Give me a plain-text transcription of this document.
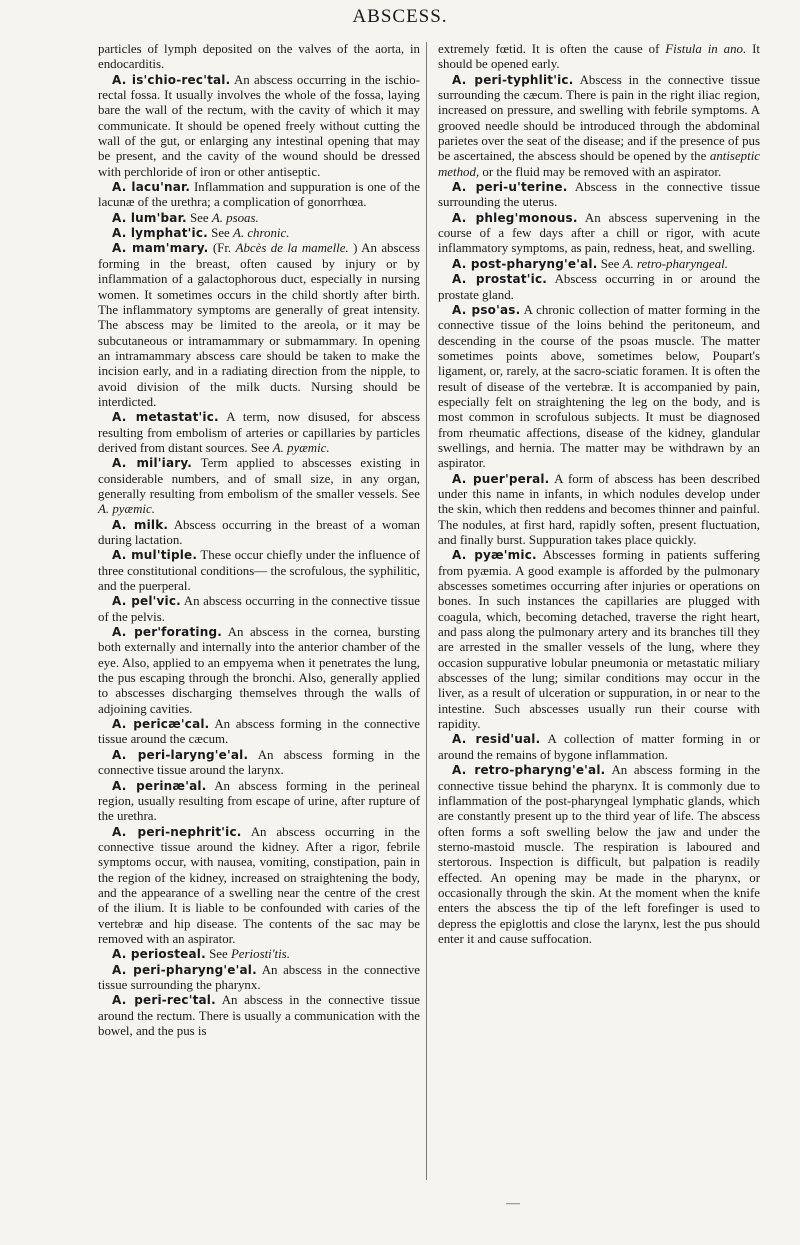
ABSCESS.

particles of lymph deposited on the valves of the aorta, in endocarditis.

A. is'chio-rec'tal. An abscess occurring in the ischio-rectal fossa. It usually involves the whole of the fossa, laying bare the wall of the rectum, with the cavity of which it may communicate. It should be opened freely without cutting the wall of the gut, or enlarging any intestinal opening that may be present, and the cavity of the wound should be dressed with perchloride of iron or other antiseptic.

A. lacu'nar. Inflammation and suppuration is one of the lacunæ of the urethra; a complication of gonorrhœa.

A. lum'bar. See A. psoas.

A. lymphat'ic. See A. chronic.

A. mam'mary. (Fr. Abcès de la mamelle. ) An abscess forming in the breast, often caused by injury or by inflammation of a galactophorous duct, especially in nursing women. It sometimes occurs in the child shortly after birth. The inflammatory symptoms are generally of great intensity. The abscess may be limited to the areola, or it may be subcutaneous or intramammary or submammary. In opening an intramammary abscess care should be taken to make the incision early, and in a radiating direction from the nipple, to avoid division of the milk ducts. Nursing should be interdicted.

A. metastat'ic. A term, now disused, for abscess resulting from embolism of arteries or capillaries by particles derived from distant sources. See A. pyæmic.

A. mil'iary. Term applied to abscesses existing in considerable numbers, and of small size, in any organ, generally resulting from embolism of the smaller vessels. See A. pyæmic.

A. milk. Abscess occurring in the breast of a woman during lactation.

A. mul'tiple. These occur chiefly under the influence of three constitutional conditions— the scrofulous, the syphilitic, and the puerperal.

A. pel'vic. An abscess occurring in the connective tissue of the pelvis.

A. per'forating. An abscess in the cornea, bursting both externally and internally into the anterior chamber of the eye. Also, applied to an empyema when it penetrates the lung, the pus escaping through the bronchi. Also, generally applied to abscesses discharging themselves through the walls of adjoining cavities.

A. pericæ'cal. An abscess forming in the connective tissue around the cæcum.

A. peri-laryng'e'al. An abscess forming in the connective tissue around the larynx.

A. perinæ'al. An abscess forming in the perineal region, usually resulting from escape of urine, after rupture of the urethra.

A. peri-nephrit'ic. An abscess occurring in the connective tissue around the kidney. After a rigor, febrile symptoms occur, with nausea, vomiting, constipation, pain in the region of the kidney, increased on straightening the body, and the appearance of a swelling near the centre of the crest of the ilium. It is liable to be confounded with caries of the vertebræ and hip disease. The contents of the sac may be removed with an aspirator.

A. periosteal. See Periosti'tis.

A. peri-pharyng'e'al. An abscess in the connective tissue surrounding the pharynx.

A. peri-rec'tal. An abscess in the connective tissue around the rectum. There is usually a communication with the bowel, and the pus is

extremely fœtid. It is often the cause of Fistula in ano. It should be opened early.

A. peri-typhlit'ic. Abscess in the connective tissue surrounding the cæcum. There is pain in the right iliac region, increased on pressure, and swelling with febrile symptoms. A grooved needle should be introduced through the abdominal parietes over the seat of the disease; and if the presence of pus be ascertained, the abscess should be opened by the antiseptic method, or the fluid may be removed with an aspirator.

A. peri-u'terine. Abscess in the connective tissue surrounding the uterus.

A. phleg'monous. An abscess supervening in the course of a few days after a chill or rigor, with acute inflammatory symptoms, as pain, redness, heat, and swelling.

A. post-pharyng'e'al. See A. retro-pharyngeal.

A. prostat'ic. Abscess occurring in or around the prostate gland.

A. pso'as. A chronic collection of matter forming in the connective tissue of the loins behind the peritoneum, and descending in the course of the psoas muscle. The matter sometimes points above, sometimes below, Poupart's ligament, or, rarely, at the sacro-sciatic foramen. It is often the result of disease of the vertebræ. It is accompanied by pain, especially felt on straightening the leg on the body, and is most common in scrofulous subjects. It must be diagnosed from rheumatic affections, disease of the kidney, glandular swellings, and hernia. The matter may be withdrawn by an aspirator.

A. puer'peral. A form of abscess has been described under this name in infants, in which nodules develop under the skin, which then reddens and becomes thinner and painful. The nodules, at first hard, rapidly soften, present fluctuation, and finally burst. Suppuration takes place quickly.

A. pyæ'mic. Abscesses forming in patients suffering from pyæmia. A good example is afforded by the pulmonary abscesses sometimes occurring after injuries or operations on bones. In such instances the capillaries are plugged with coagula, which, becoming detached, traverse the right heart, and pass along the pulmonary artery and its branches till they are arrested in the smaller vessels of the lung, where they occasion suppurative lobular pneumonia or metastatic miliary abscesses of the lung; similar conditions may occur in the liver, as a result of ulceration or suppuration, in or near to the intestine. Such abscesses usually run their course with rapidity.

A. resid'ual. A collection of matter forming in or around the remains of bygone inflammation.

A. retro-pharyng'e'al. An abscess forming in the connective tissue behind the pharynx. It is commonly due to inflammation of the post-pharyngeal lymphatic glands, which are constantly present up to the third year of life. The abscess often forms a soft swelling below the jaw and under the sterno-mastoid muscle. The respiration is laboured and stertorous. Inspection is difficult, but palpation is readily effected. An opening may be made in the pharynx, or occasionally through the skin. At the moment when the knife enters the abscess the tip of the left forefinger is used to depress the epiglottis and close the larynx, lest the pus should enter it and cause suffocation.

—
